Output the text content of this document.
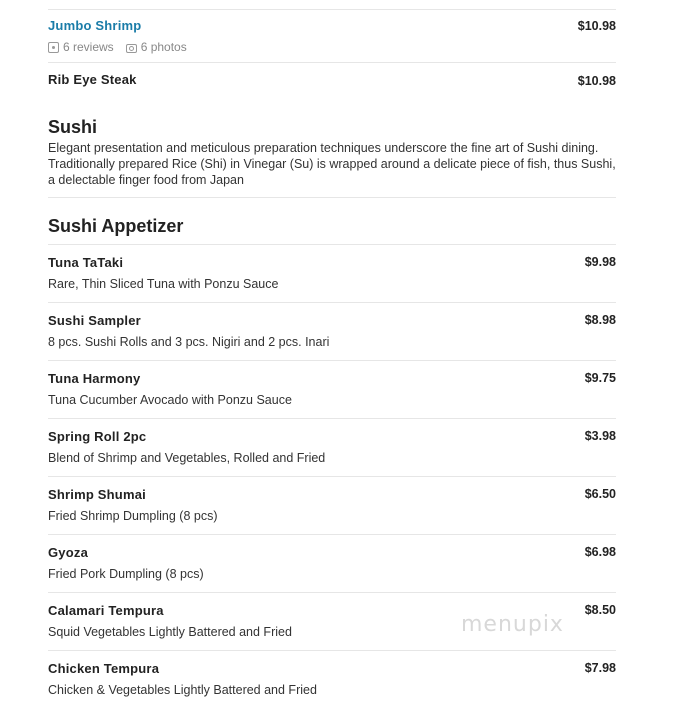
Jumbo Shrimp	$10.98
6 reviews 6 photos
Rib Eye Steak	$10.98
Sushi
Elegant presentation and meticulous preparation techniques underscore the fine art of Sushi dining. Traditionally prepared Rice (Shi) in Vinegar (Su) is wrapped around a delicate piece of fish, thus Sushi, a delectable finger food from Japan
Sushi Appetizer
Tuna TaTaki	$9.98
Rare, Thin Sliced Tuna with Ponzu Sauce
Sushi Sampler	$8.98
8 pcs. Sushi Rolls and 3 pcs. Nigiri and 2 pcs. Inari
Tuna Harmony	$9.75
Tuna Cucumber Avocado with Ponzu Sauce
Spring Roll 2pc	$3.98
Blend of Shrimp and Vegetables, Rolled and Fried
Shrimp Shumai	$6.50
Fried Shrimp Dumpling (8 pcs)
Gyoza	$6.98
Fried Pork Dumpling (8 pcs)
Calamari Tempura	$8.50
Squid Vegetables Lightly Battered and Fried
Chicken Tempura	$7.98
Chicken & Vegetables Lightly Battered and Fried
menupix
